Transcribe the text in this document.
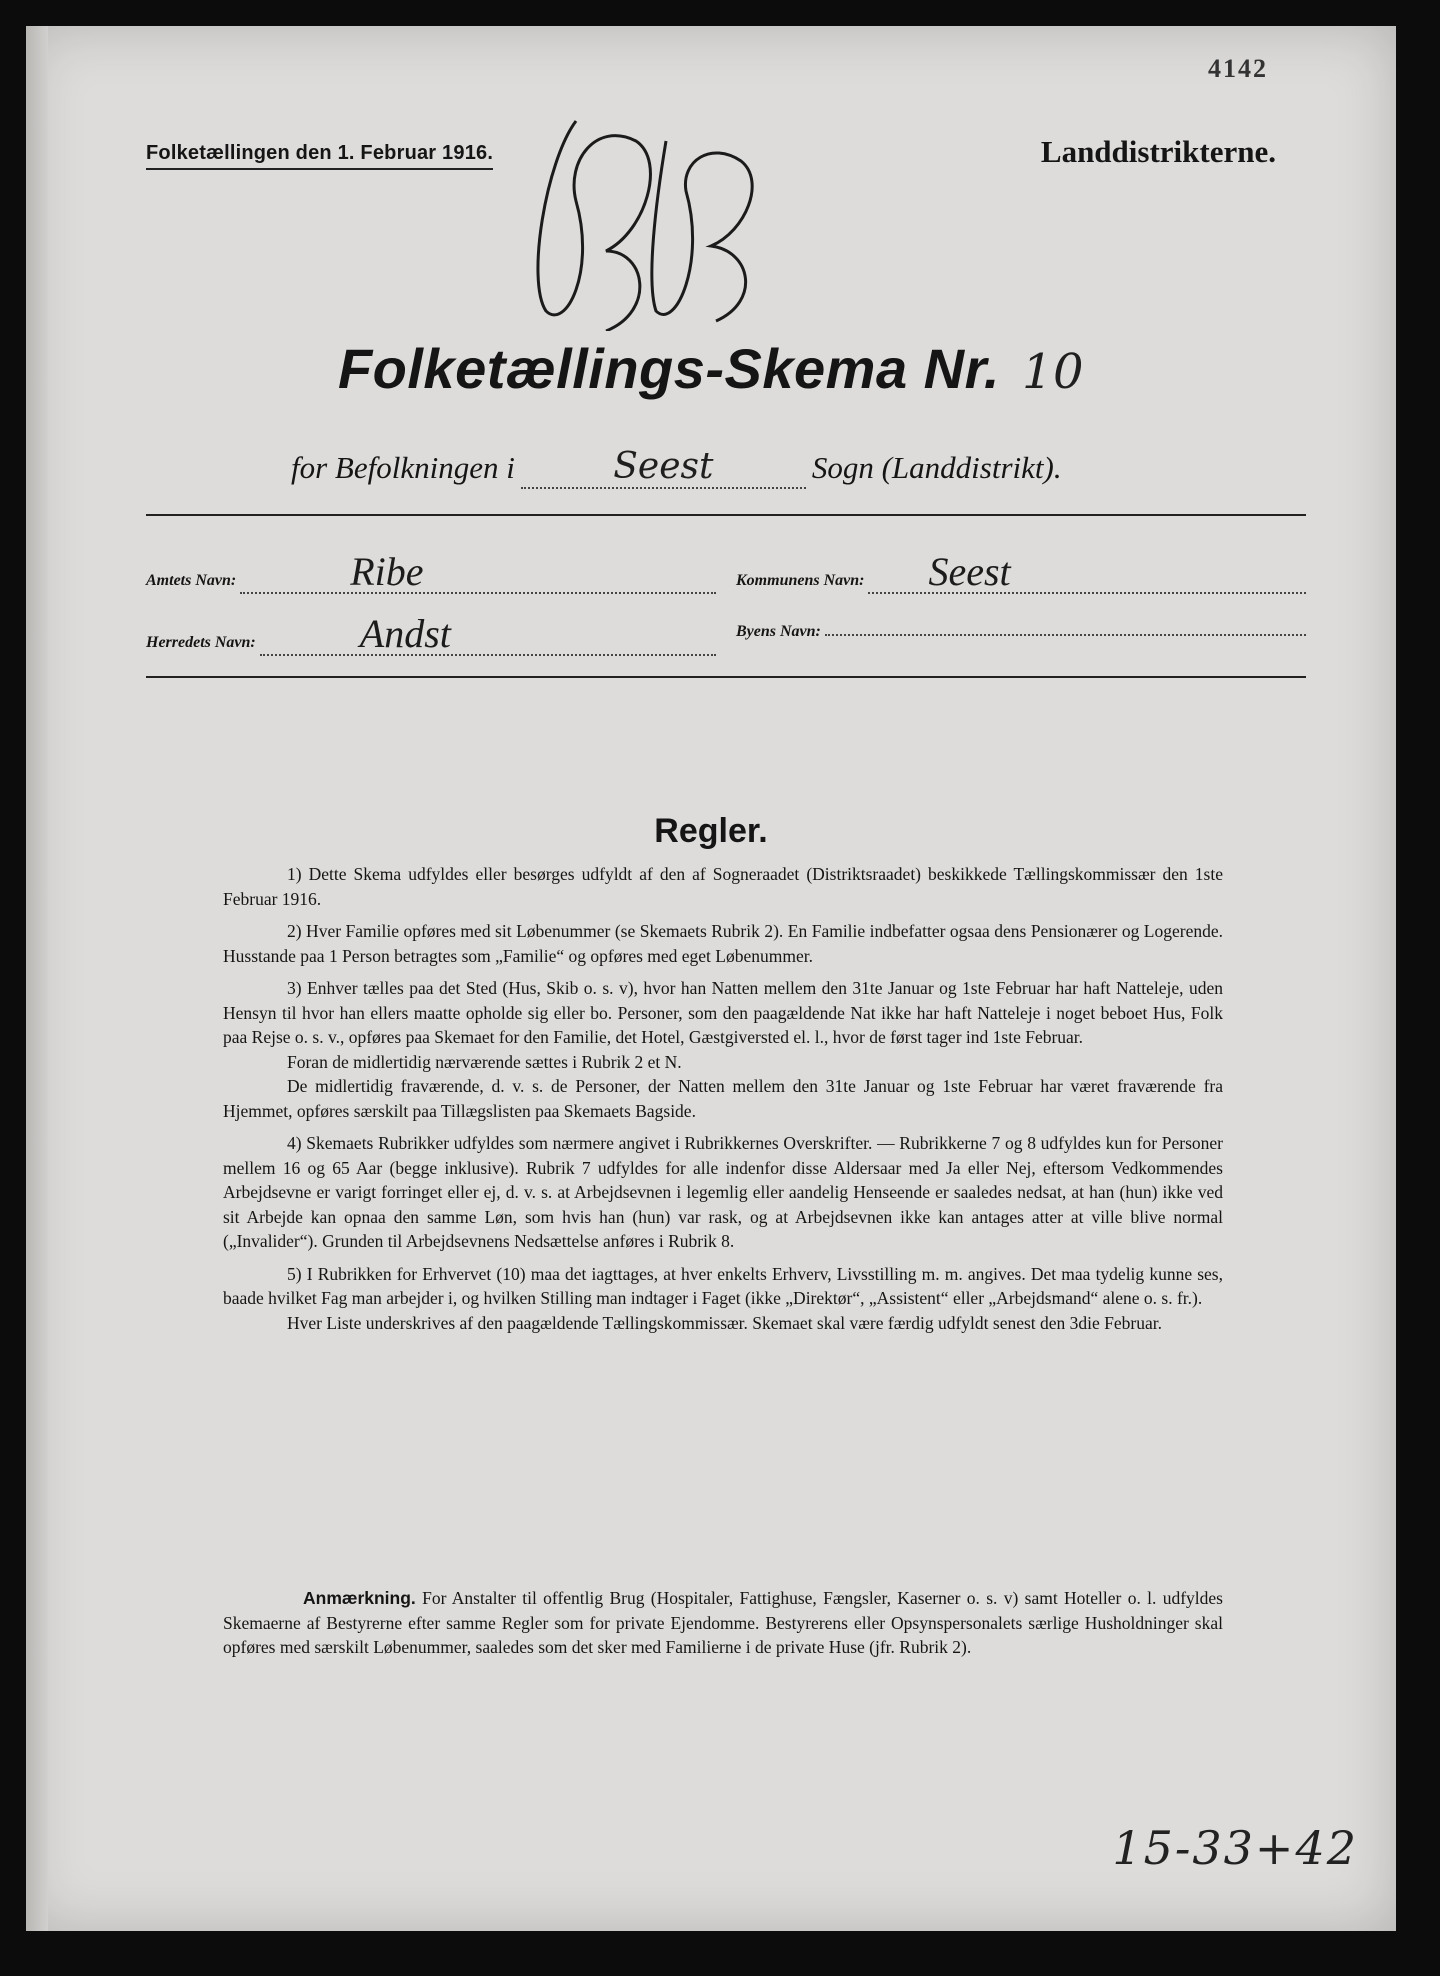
Folketællingen den 1. Februar 1916.	Landdistrikterne.
4142
Folketællings-Skema Nr. 10
for Befolkningen i	Seest	Sogn (Landdistrikt).
Amtets Navn:	Ribe	Kommunens Navn:	Seest
Herredets Navn:	Andst	Byens Navn:
Regler.

1) Dette Skema udfyldes eller besørges udfyldt af den af Sogneraadet (Distriktsraadet) beskikkede Tællingskommissær den 1ste Februar 1916.

2) Hver Familie opføres med sit Løbenummer (se Skemaets Rubrik 2). En Familie indbefatter ogsaa dens Pensionærer og Logerende. Husstande paa 1 Person betragtes som „Familie“ og opføres med eget Løbenummer.

3) Enhver tælles paa det Sted (Hus, Skib o. s. v), hvor han Natten mellem den 31te Januar og 1ste Februar har haft Natteleje, uden Hensyn til hvor han ellers maatte opholde sig eller bo. Personer, som den paagældende Nat ikke har haft Natteleje i noget beboet Hus, Folk paa Rejse o. s. v., opføres paa Skemaet for den Familie, det Hotel, Gæstgiversted el. l., hvor de først tager ind 1ste Februar.

Foran de midlertidig nærværende sættes i Rubrik 2 et N.

De midlertidig fraværende, d. v. s. de Personer, der Natten mellem den 31te Januar og 1ste Februar har været fraværende fra Hjemmet, opføres særskilt paa Tillægslisten paa Skemaets Bagside.

4) Skemaets Rubrikker udfyldes som nærmere angivet i Rubrikkernes Overskrifter. — Rubrikkerne 7 og 8 udfyldes kun for Personer mellem 16 og 65 Aar (begge inklusive). Rubrik 7 udfyldes for alle indenfor disse Aldersaar med Ja eller Nej, eftersom Vedkommendes Arbejdsevne er varigt forringet eller ej, d. v. s. at Arbejdsevnen i legemlig eller aandelig Henseende er saaledes nedsat, at han (hun) ikke ved sit Arbejde kan opnaa den samme Løn, som hvis han (hun) var rask, og at Arbejdsevnen ikke kan antages atter at ville blive normal („Invalider“). Grunden til Arbejdsevnens Nedsættelse anføres i Rubrik 8.

5) I Rubrikken for Erhvervet (10) maa det iagttages, at hver enkelts Erhverv, Livsstilling m. m. angives. Det maa tydelig kunne ses, baade hvilket Fag man arbejder i, og hvilken Stilling man indtager i Faget (ikke „Direktør“, „Assistent“ eller „Arbejdsmand“ alene o. s. fr.).

Hver Liste underskrives af den paagældende Tællingskommissær. Skemaet skal være færdig udfyldt senest den 3die Februar.

Anmærkning. For Anstalter til offentlig Brug (Hospitaler, Fattighuse, Fængsler, Kaserner o. s. v) samt Hoteller o. l. udfyldes Skemaerne af Bestyrerne efter samme Regler som for private Ejendomme. Bestyrerens eller Opsynspersonalets særlige Husholdninger skal opføres med særskilt Løbenummer, saaledes som det sker med Familierne i de private Huse (jfr. Rubrik 2).
15-33+42
